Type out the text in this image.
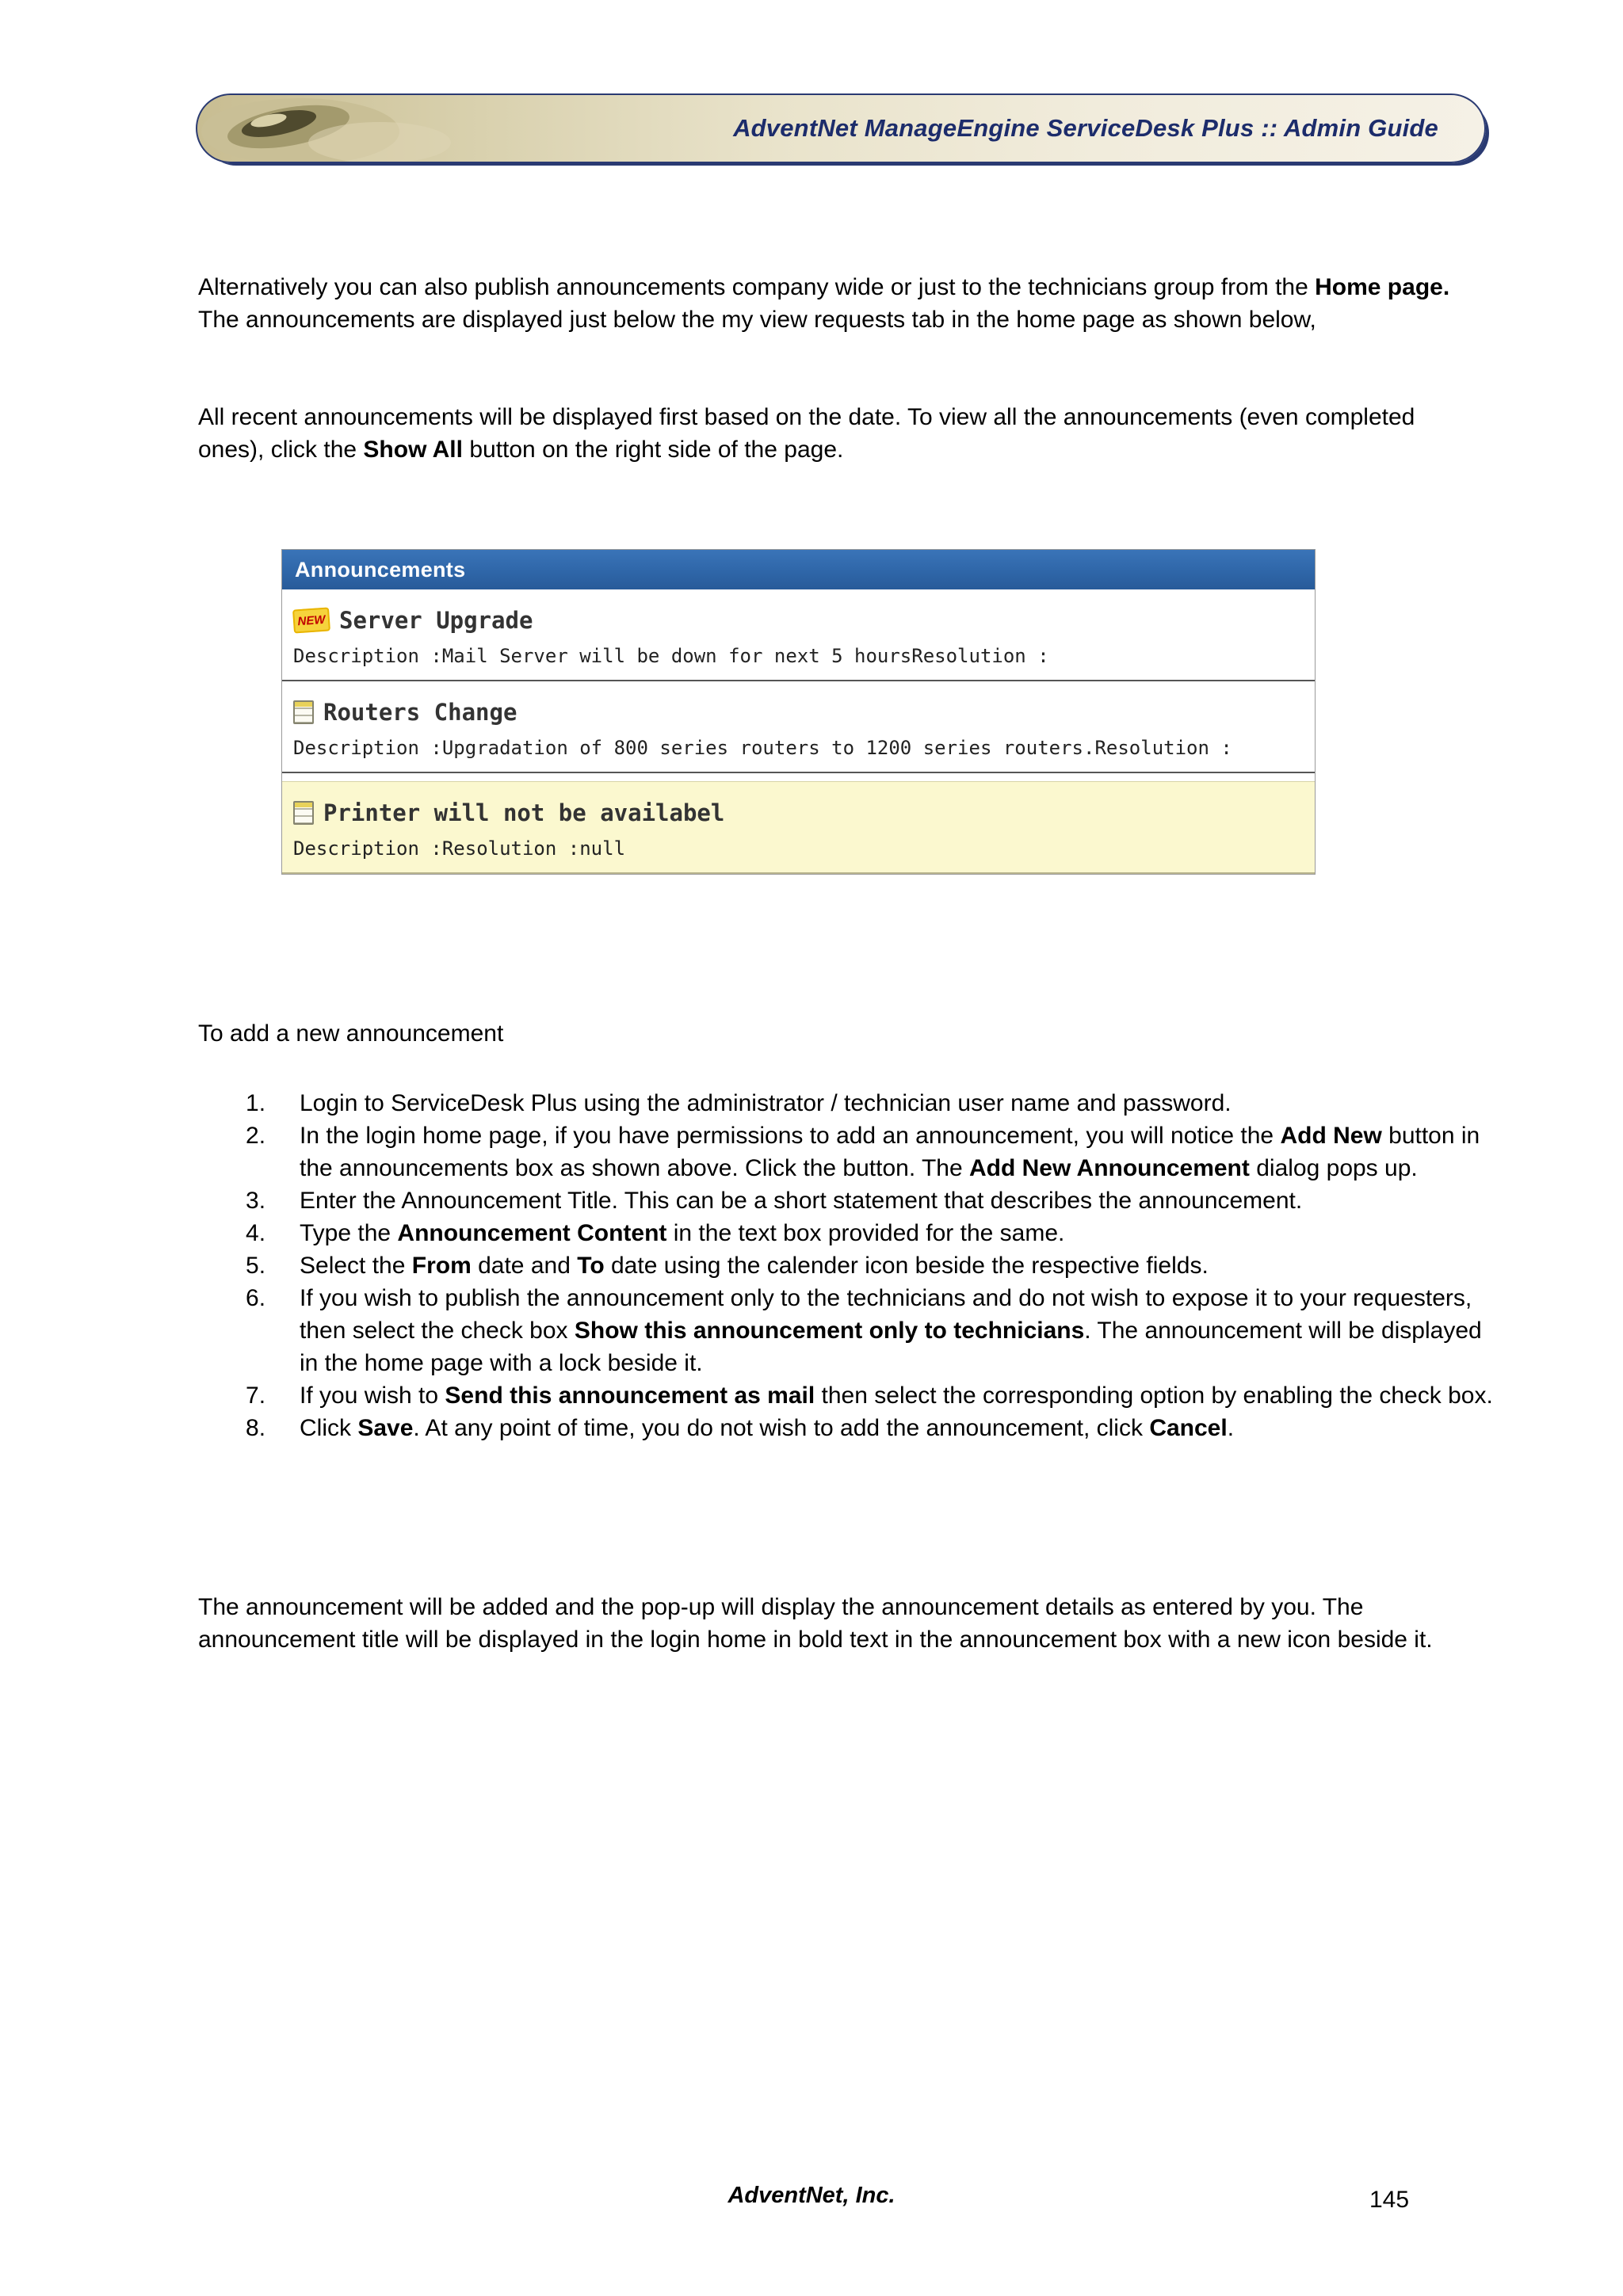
AdventNet ManageEngine ServiceDesk Plus :: Admin Guide

Alternatively you can also publish announcements company wide or just to the technicians group from the Home page. The announcements are displayed just below the my view requests tab in the home page as shown below,

All recent announcements will be displayed first based on the date. To view all the announcements (even completed ones), click the Show All button on the right side of the page.

Announcements
NEW Server Upgrade
Description :Mail Server will be down for next 5 hoursResolution :
Routers Change
Description :Upgradation of 800 series routers to 1200 series routers.Resolution :
Printer will not be availabel
Description :Resolution :null
To add a new announcement
Login to ServiceDesk Plus using the administrator / technician user name and password.
In the login home page, if you have permissions to add an announcement, you will notice the Add New button in the announcements box as shown above. Click the button. The Add New Announcement dialog pops up.
Enter the Announcement Title. This can be a short statement that describes the announcement.
Type the Announcement Content in the text box provided for the same.
Select the From date and To date using the calender icon beside the respective fields.
If you wish to publish the announcement only to the technicians and do not wish to expose it to your requesters, then select the check box Show this announcement only to technicians. The announcement will be displayed in the home page with a lock beside it.
If you wish to Send this announcement as mail then select the corresponding option by enabling the check box.
Click Save. At any point of time, you do not wish to add the announcement, click Cancel.

The announcement will be added and the pop-up will display the announcement details as entered by you. The announcement title will be displayed in the login home in bold text in the announcement box with a new icon beside it.

AdventNet, Inc.	145
